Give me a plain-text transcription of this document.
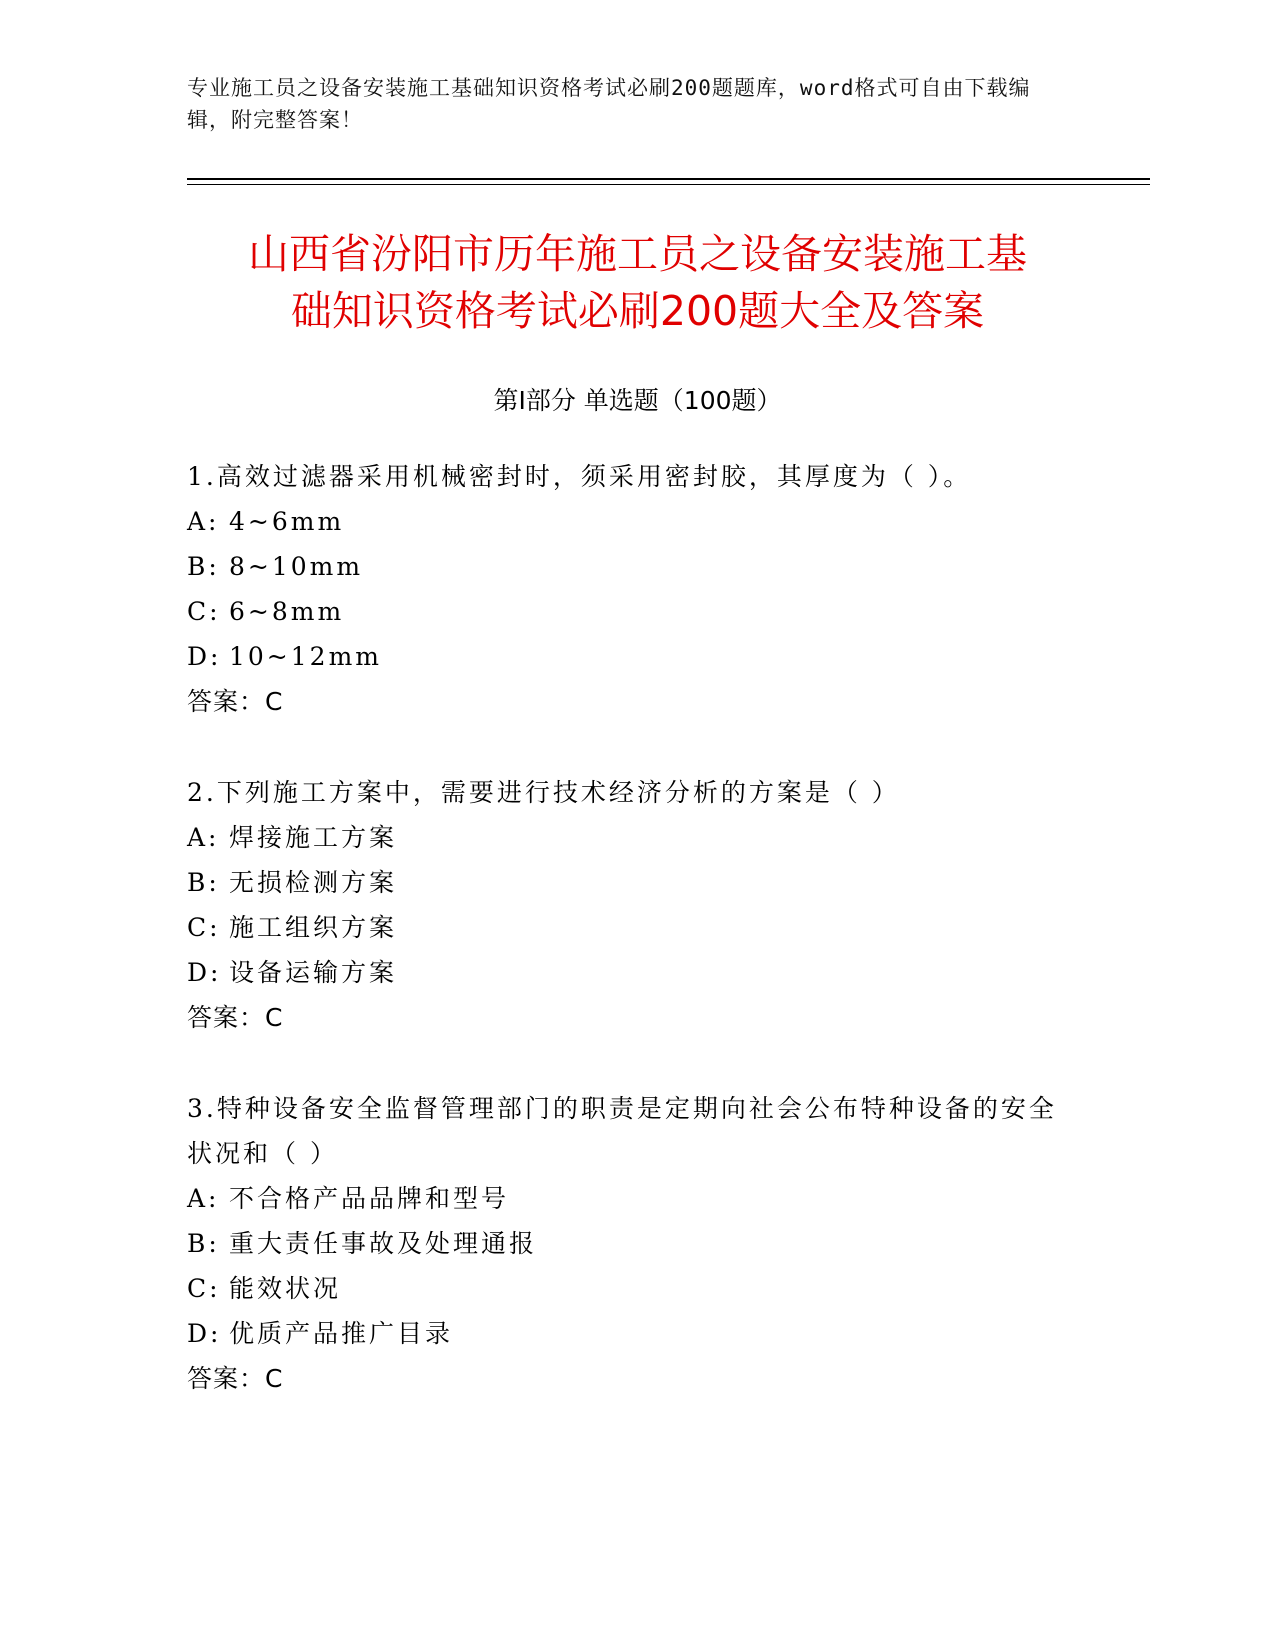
专业施工员之设备安装施工基础知识资格考试必刷200题题库，word格式可自由下载编辑，附完整答案！
山西省汾阳市历年施工员之设备安装施工基
础知识资格考试必刷200题大全及答案
第Ⅰ部分 单选题（100题）

1.高效过滤器采用机械密封时，须采用密封胶，其厚度为（ ）。

A: 4~6mm

B: 8~10mm

C: 6~8mm

D: 10~12mm

答案：C

2.下列施工方案中，需要进行技术经济分析的方案是（ ）

A: 焊接施工方案

B: 无损检测方案

C: 施工组织方案

D: 设备运输方案

答案：C

3.特种设备安全监督管理部门的职责是定期向社会公布特种设备的安全状况和（ ）

A: 不合格产品品牌和型号

B: 重大责任事故及处理通报

C: 能效状况

D: 优质产品推广目录

答案：C
